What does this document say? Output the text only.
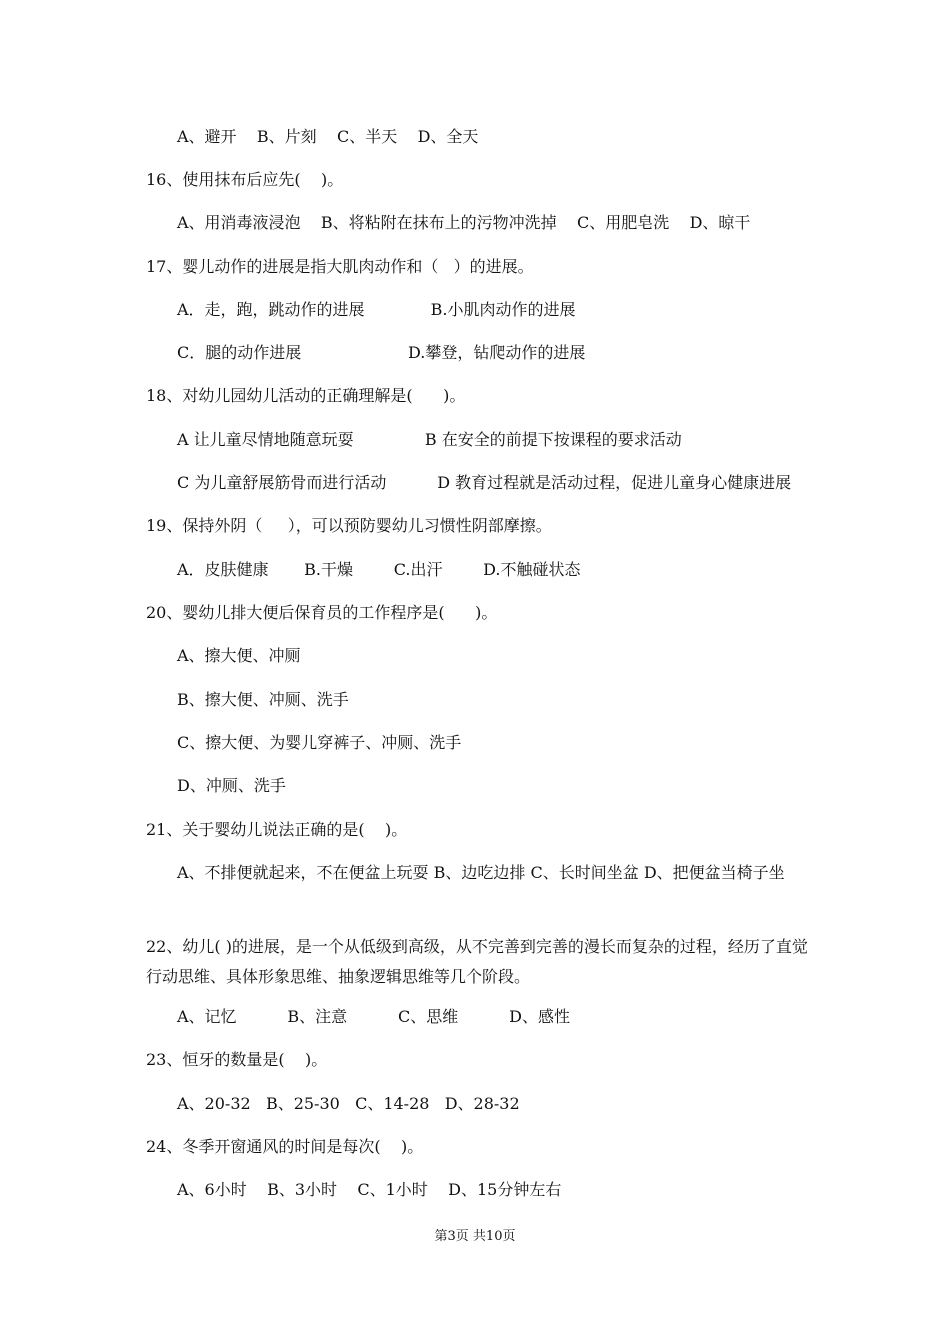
A、避开    B、片刻    C、半天    D、全天
16、使用抹布后应先(    )。
A、用消毒液浸泡    B、将粘附在抹布上的污物冲洗掉    C、用肥皂洗    D、晾干
17、婴儿动作的进展是指大肌肉动作和（   ）的进展。
A．走，跑，跳动作的进展             B.小肌肉动作的进展
C．腿的动作进展                     D.攀登，钻爬动作的进展
18、对幼儿园幼儿活动的正确理解是(      )。
A 让儿童尽情地随意玩耍              B 在安全的前提下按课程的要求活动
C 为儿童舒展筋骨而进行活动          D 教育过程就是活动过程，促进儿童身心健康进展
19、保持外阴（     ），可以预防婴幼儿习惯性阴部摩擦。
A．皮肤健康       B.干燥        C.出汗        D.不触碰状态
20、婴幼儿排大便后保育员的工作程序是(      )。
A、擦大便、冲厕
B、擦大便、冲厕、洗手
C、擦大便、为婴儿穿裤子、冲厕、洗手
D、冲厕、洗手
21、关于婴幼儿说法正确的是(    )。
A、不排便就起来，不在便盆上玩耍 B、边吃边排 C、长时间坐盆 D、把便盆当椅子坐
22、幼儿( )的进展，是一个从低级到高级，从不完善到完善的漫长而复杂的过程，经历了直觉行动思维、具体形象思维、抽象逻辑思维等几个阶段。
A、记忆          B、注意          C、思维          D、感性
23、恒牙的数量是(    )。
A、20-32   B、25-30   C、14-28   D、28-32
24、冬季开窗通风的时间是每次(    )。
A、6小时    B、3小时    C、1小时    D、15分钟左右
第3页 共10页
